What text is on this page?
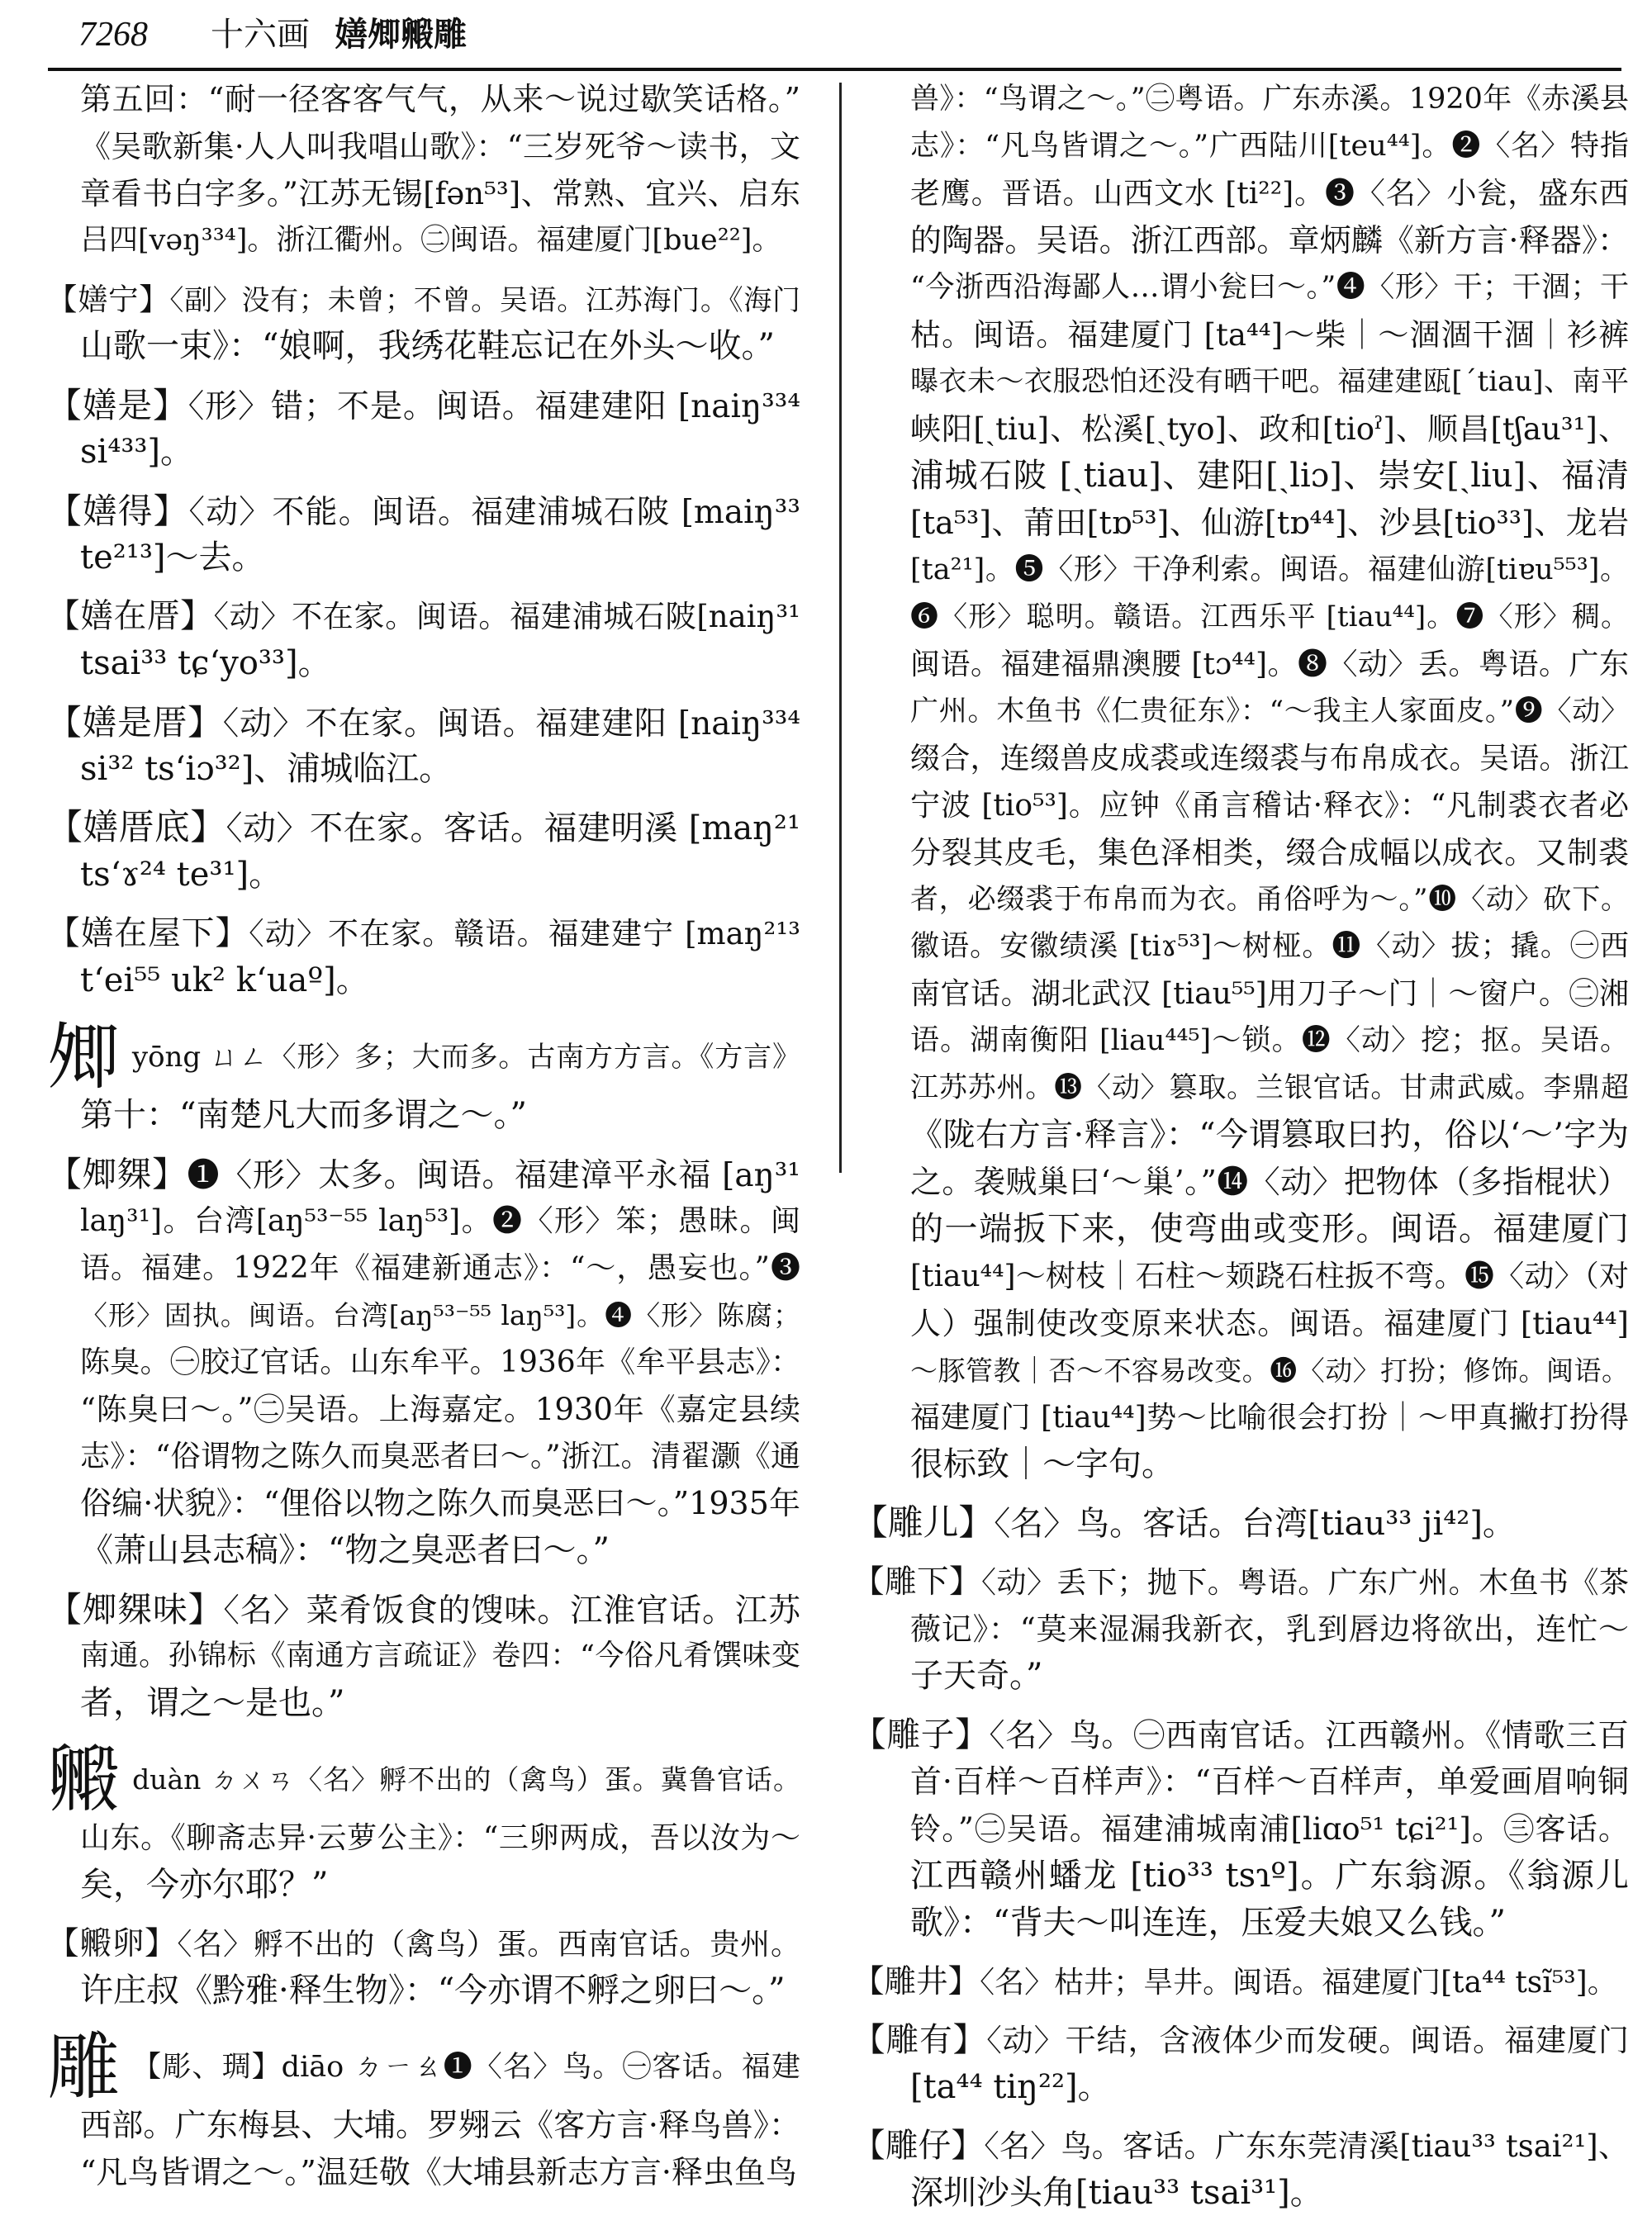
7268 十六画 嫸𡖖毈雕
第五回：“耐一径客客气气，从来～说过歇笑话格。”
《吴歌新集·人人叫我唱山歌》：“三岁死爷～读书，文
章看书白字多。”江苏无锡[fən⁵³]、常熟、宜兴、启东
吕四[vəŋ³³⁴]。浙江衢州。㊁闽语。福建厦门[bue²²]。
【嫸宁】〈副〉没有；未曾；不曾。吴语。江苏海门。《海门
山歌一束》：“娘啊，我绣花鞋忘记在外头～收。”
【嫸是】〈形〉错；不是。闽语。福建建阳 [naiŋ³³⁴
si⁴³³]。
【嫸得】〈动〉不能。闽语。福建浦城石陂 [maiŋ³³
te²¹³]～去。
【嫸在厝】〈动〉不在家。闽语。福建浦城石陂[naiŋ³¹
tsai³³ tɕʻyo³³]。
【嫸是厝】〈动〉不在家。闽语。福建建阳 [naiŋ³³⁴
si³² tsʻiɔ³²]、浦城临江。
【嫸厝底】〈动〉不在家。客话。福建明溪 [maŋ²¹
tsʻɤ²⁴ te³¹]。
【嫸在屋下】〈动〉不在家。赣语。福建建宁 [maŋ²¹³
tʻei⁵⁵ uk² kʻuaº]。
𡖖yōng ㄩㄥ〈形〉多；大而多。古南方方言。《方言》
第十：“南楚凡大而多谓之～。”
【𡖖㚌】❶〈形〉太多。闽语。福建漳平永福 [aŋ³¹
laŋ³¹]。台湾[aŋ⁵³⁻⁵⁵ laŋ⁵³]。❷〈形〉笨；愚昧。闽
语。福建。1922年《福建新通志》：“～，愚妄也。”❸
〈形〉固执。闽语。台湾[aŋ⁵³⁻⁵⁵ laŋ⁵³]。❹〈形〉陈腐；
陈臭。㊀胶辽官话。山东牟平。1936年《牟平县志》：
“陈臭曰～。”㊁吴语。上海嘉定。1930年《嘉定县续
志》：“俗谓物之陈久而臭恶者曰～。”浙江。清翟灏《通
俗编·状貌》：“俚俗以物之陈久而臭恶曰～。”1935年
《萧山县志稿》：“物之臭恶者曰～。”
【𡖖㚌味】〈名〉菜肴饭食的馊味。江淮官话。江苏
南通。孙锦标《南通方言疏证》卷四：“今俗凡肴馔味变
者，谓之～是也。”
毈duàn ㄉㄨㄢ〈名〉孵不出的（禽鸟）蛋。冀鲁官话。
山东。《聊斋志异·云萝公主》：“三卵两成，吾以汝为～
矣，今亦尔耶？”
【毈卵】〈名〉孵不出的（禽鸟）蛋。西南官话。贵州。
许庄叔《黔雅·释生物》：“今亦谓不孵之卵曰～。”
雕 【彫、琱】diāo ㄉㄧㄠ❶〈名〉鸟。㊀客话。福建
西部。广东梅县、大埔。罗翙云《客方言·释鸟兽》：
“凡鸟皆谓之～。”温廷敬《大埔县新志方言·释虫鱼鸟
兽》：“鸟谓之～。”㊁粤语。广东赤溪。1920年《赤溪县
志》：“凡鸟皆谓之～。”广西陆川[teu⁴⁴]。❷〈名〉特指
老鹰。晋语。山西文水 [ti²²]。❸〈名〉小瓮，盛东西
的陶器。吴语。浙江西部。章炳麟《新方言·释器》：
“今浙西沿海鄙人…谓小瓮曰～。”❹〈形〉干；干涸；干
枯。闽语。福建厦门 [ta⁴⁴]～柴｜～涸涸干涸｜衫裤
曝衣未～衣服恐怕还没有晒干吧。福建建瓯[ˊtiau]、南平
峡阳[ˏtiu]、松溪[ˏtyo]、政和[tioˀ]、顺昌[tʃau³¹]、
浦城石陂 [ˏtiau]、建阳[ˏliɔ]、崇安[ˏliu]、福清
[ta⁵³]、莆田[tɒ⁵³]、仙游[tɒ⁴⁴]、沙县[tio³³]、龙岩
[ta²¹]。❺〈形〉干净利索。闽语。福建仙游[tiɐu⁵⁵³]。
❻〈形〉聪明。赣语。江西乐平 [tiau⁴⁴]。❼〈形〉稠。
闽语。福建福鼎澳腰 [tɔ⁴⁴]。❽〈动〉丢。粤语。广东
广州。木鱼书《仁贵征东》：“～我主人家面皮。”❾〈动〉
缀合，连缀兽皮成裘或连缀裘与布帛成衣。吴语。浙江
宁波 [tio⁵³]。应钟《甬言稽诂·释衣》：“凡制裘衣者必
分裂其皮毛，集色泽相类，缀合成幅以成衣。又制裘
者，必缀裘于布帛而为衣。甬俗呼为～。”❿〈动〉砍下。
徽语。安徽绩溪 [tiɤ⁵³]～树桠。⓫〈动〉拔；撬。㊀西
南官话。湖北武汉 [tiau⁵⁵]用刀子～门｜～窗户。㊁湘
语。湖南衡阳 [liau⁴⁴⁵]～锁。⓬〈动〉挖；抠。吴语。
江苏苏州。⓭〈动〉篡取。兰银官话。甘肃武威。李鼎超
《陇右方言·释言》：“今谓篡取曰扚，俗以‘～’字为
之。袭贼巢曰‘～巢’。”⓮〈动〉把物体（多指棍状）
的一端扳下来，使弯曲或变形。闽语。福建厦门
[tiau⁴⁴]～树枝｜石柱～𫠆跷石柱扳不弯。⓯〈动〉（对
人）强制使改变原来状态。闽语。福建厦门 [tiau⁴⁴]
～豚管教｜否～不容易改变。⓰〈动〉打扮；修饰。闽语。
福建厦门 [tiau⁴⁴]势～比喻很会打扮｜～甲真撇打扮得
很标致｜～字句。
【雕儿】〈名〉鸟。客话。台湾[tiau³³ ji⁴²]。
【雕下】〈动〉丢下；抛下。粤语。广东广州。木鱼书《茶
薇记》：“莫来湿漏我新衣，乳到唇边将欲出，连忙～
子天奇。”
【雕子】〈名〉鸟。㊀西南官话。江西赣州。《情歌三百
首·百样～百样声》：“百样～百样声，单爱画眉响铜
铃。”㊁吴语。福建浦城南浦[liɑo⁵¹ tɕi²¹]。㊂客话。
江西赣州蟠龙 [tio³³ tsɿº]。广东翁源。《翁源儿
歌》：“背夫～叫连连，压爱夫娘又么钱。”
【雕井】〈名〉枯井；旱井。闽语。福建厦门[ta⁴⁴ tsĩ⁵³]。
【雕有】〈动〉干结，含液体少而发硬。闽语。福建厦门
[ta⁴⁴ tiŋ²²]。
【雕仔】〈名〉鸟。客话。广东东莞清溪[tiau³³ tsai²¹]、
深圳沙头角[tiau³³ tsai³¹]。
